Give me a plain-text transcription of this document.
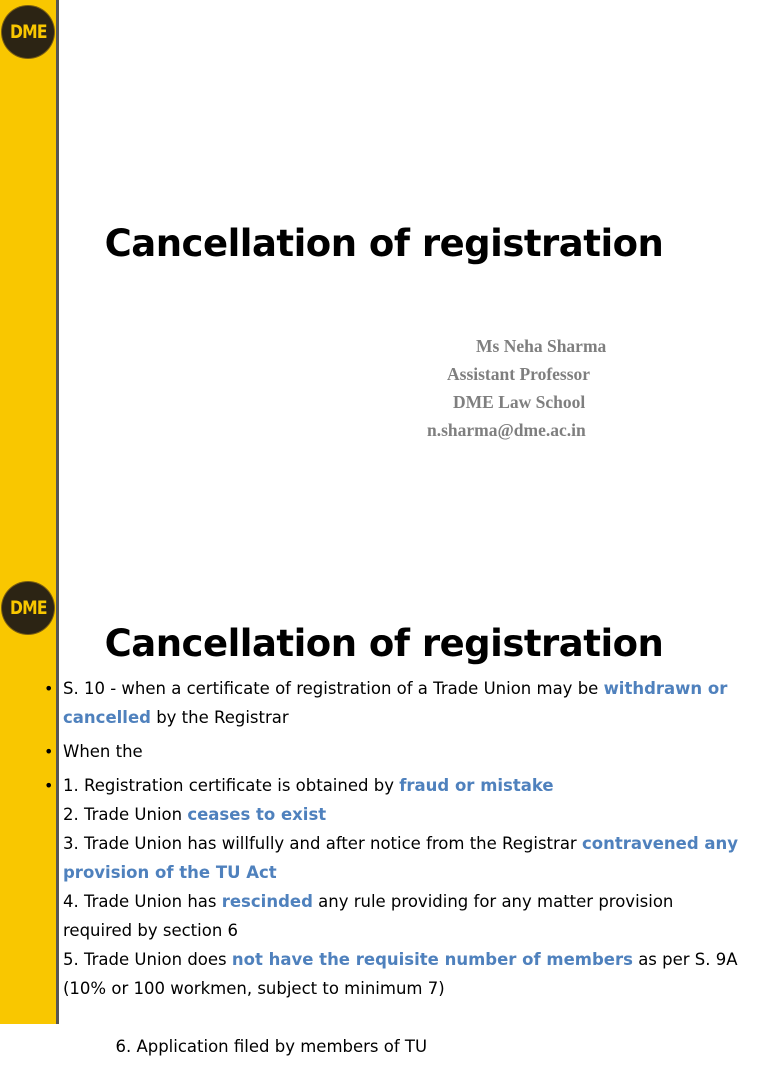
DME
Cancellation of registration
Ms Neha Sharma
Assistant Professor
DME Law School
n.sharma@dme.ac.in
DME
Cancellation of registration
• S. 10 - when a certificate of registration of a Trade Union may be withdrawn or cancelled by the Registrar
• When the
• 1. Registration certificate is obtained by fraud or mistake
2. Trade Union ceases to exist
3. Trade Union has willfully and after notice from the Registrar contravened any provision of the TU Act
4. Trade Union has rescinded any rule providing for any matter provision required by section 6
5. Trade Union does not have the requisite number of members as per S. 9A (10% or 100 workmen, subject to minimum 7)

6. Application filed by members of TU
